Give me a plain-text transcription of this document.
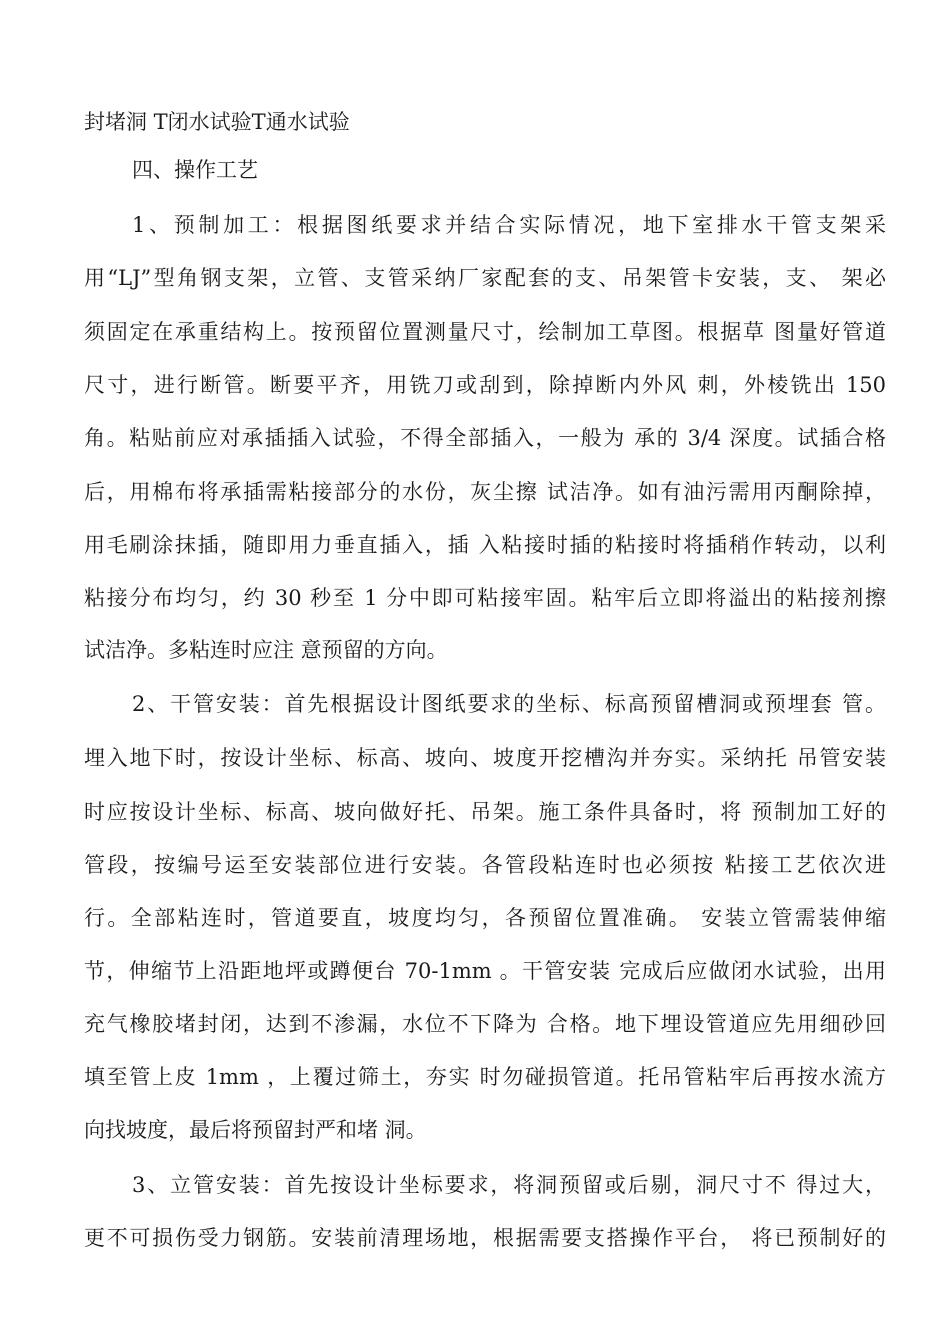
封堵洞 T闭水试验T通水试验
四、操作工艺
1、预制加工：根据图纸要求并结合实际情况，地下室排水干管支架采
用“LJ”型角钢支架，立管、支管采纳厂家配套的支、吊架管卡安装，支、 架必
须固定在承重结构上。按预留位置测量尺寸，绘制加工草图。根据草 图量好管道
尺寸，进行断管。断要平齐，用铣刀或刮到，除掉断内外风 刺，外棱铣出 150
角。粘贴前应对承插插入试验，不得全部插入，一般为 承的 3/4 深度。试插合格
后，用棉布将承插需粘接部分的水份，灰尘擦 试洁净。如有油污需用丙酮除掉，
用毛刷涂抹插，随即用力垂直插入，插 入粘接时插的粘接时将插稍作转动，以利
粘接分布均匀，约 30 秒至 1 分中即可粘接牢固。粘牢后立即将溢出的粘接剂擦
试洁净。多粘连时应注 意预留的方向。
2、干管安装：首先根据设计图纸要求的坐标、标高预留槽洞或预埋套 管。
埋入地下时，按设计坐标、标高、坡向、坡度开挖槽沟并夯实。采纳托 吊管安装
时应按设计坐标、标高、坡向做好托、吊架。施工条件具备时，将 预制加工好的
管段，按编号运至安装部位进行安装。各管段粘连时也必须按 粘接工艺依次进
行。全部粘连时，管道要直，坡度均匀，各预留位置准确。 安装立管需装伸缩
节，伸缩节上沿距地坪或蹲便台 70-1mm 。干管安装 完成后应做闭水试验，出用
充气橡胶堵封闭，达到不渗漏，水位不下降为 合格。地下埋设管道应先用细砂回
填至管上皮 1mm ，上覆过筛土，夯实 时勿碰损管道。托吊管粘牢后再按水流方
向找坡度，最后将预留封严和堵 洞。
3、立管安装：首先按设计坐标要求，将洞预留或后剔，洞尺寸不 得过大，
更不可损伤受力钢筋。安装前清理场地，根据需要支搭操作平台， 将已预制好的
